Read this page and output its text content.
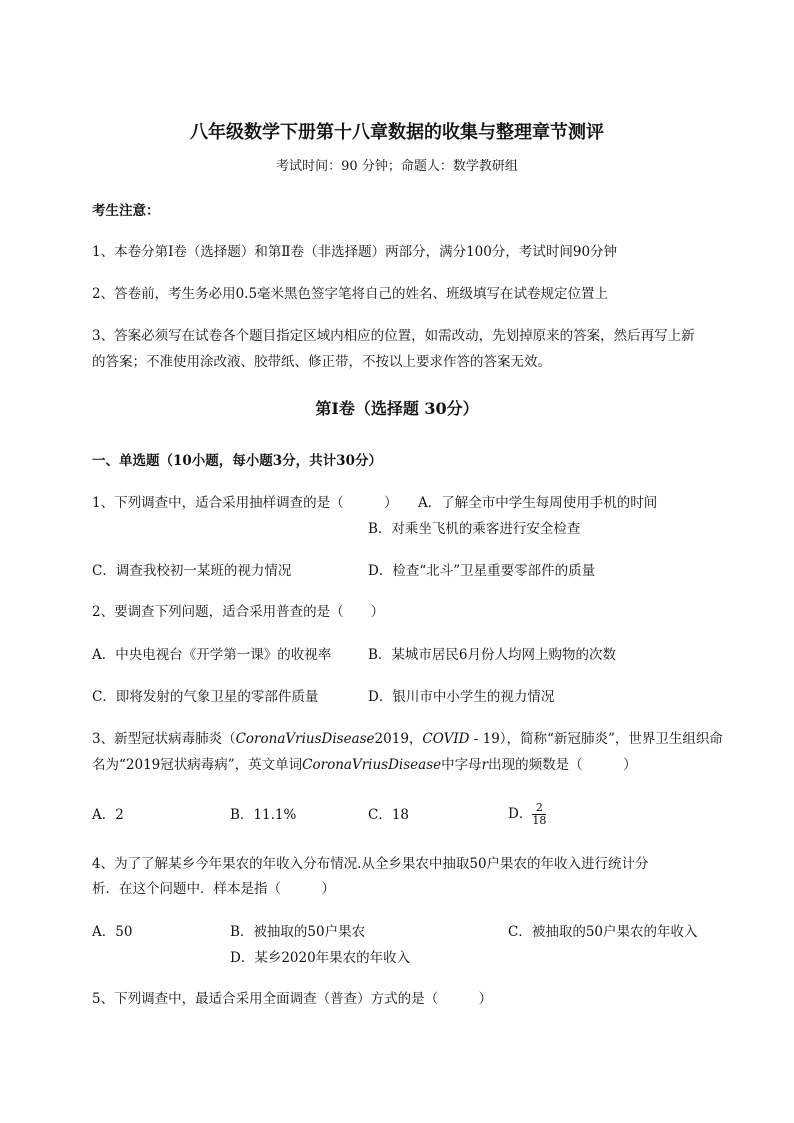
八年级数学下册第十八章数据的收集与整理章节测评
考试时间：90 分钟；命题人：数学教研组
考生注意：
1、本卷分第Ⅰ卷（选择题）和第Ⅱ卷（非选择题）两部分，满分100分，考试时间90分钟
2、答卷前，考生务必用0.5毫米黑色签字笔将自己的姓名、班级填写在试卷规定位置上
3、答案必须写在试卷各个题目指定区域内相应的位置，如需改动，先划掉原来的答案，然后再写上新
的答案；不准使用涂改液、胶带纸、修正带，不按以上要求作答的答案无效。
第Ⅰ卷（选择题 30分）
一、单选题（10小题，每小题3分，共计30分）
1、下列调查中，适合采用抽样调查的是（　　　） A．了解全市中学生每周使用手机的时间
B．对乘坐飞机的乘客进行安全检查
C．调查我校初一某班的视力情况	D．检查“北斗”卫星重要零部件的质量
2、要调查下列问题，适合采用普查的是（　　）
A．中央电视台《开学第一课》的收视率	B．某城市居民6月份人均网上购物的次数
C．即将发射的气象卫星的零部件质量	D．银川市中小学生的视力情况
3、新型冠状病毒肺炎（CoronaVriusDisease2019，COVID - 19），简称“新冠肺炎”，世界卫生组织命
名为“2019冠状病毒病”，英文单词CoronaVriusDisease中字母r出现的频数是（　　　）
A．2	B．11.1%	C．18	D． $\frac{2}{18}$
4、为了了解某乡今年果农的年收入分布情况.从全乡果农中抽取50户果农的年收入进行统计分
析．在这个问题中．样本是指（　　　）
A．50	B．被抽取的50户果农	C．被抽取的50户果农的年收入
D．某乡2020年果农的年收入
5、下列调查中，最适合采用全面调查（普查）方式的是（　　　）
